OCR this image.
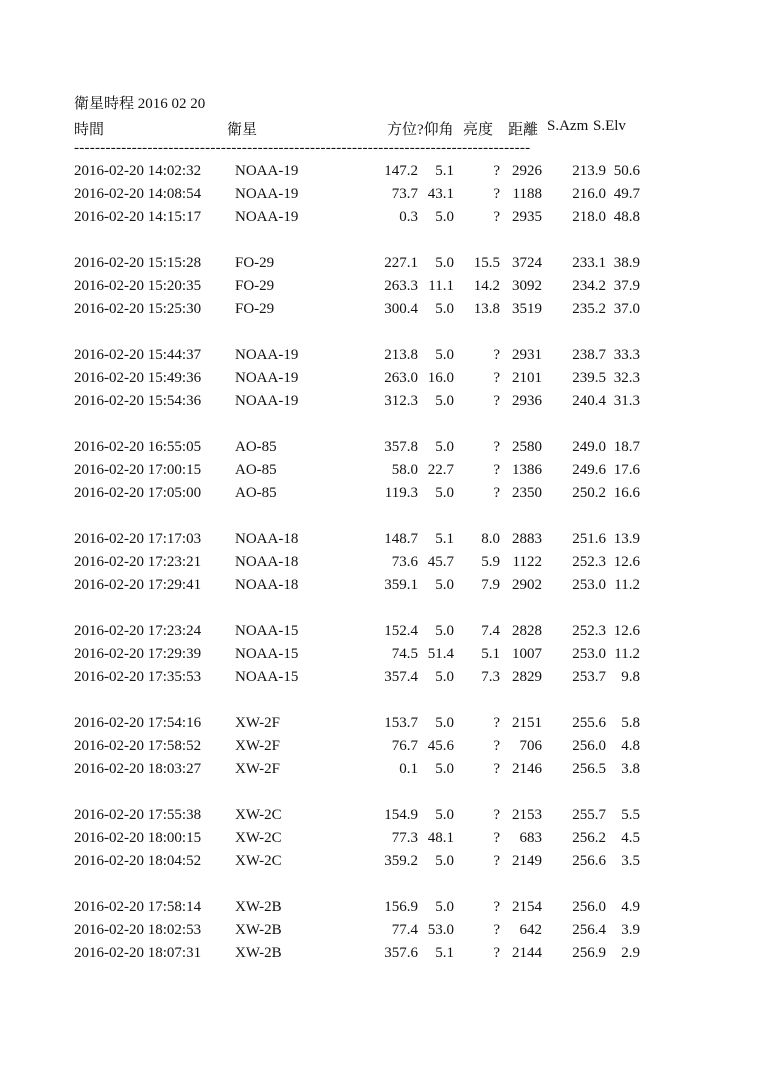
衛星時程 2016 02 20
時間	衛星	方位?仰角 亮度 距離 S.Azm S.Elv
---------------------------------------------------------------------------------------
2016-02-20 14:02:32 NOAA-19	147.2	5.1	? 2926	213.9 50.6
2016-02-20 14:08:54 NOAA-19	73.7 43.1	? 1188	216.0 49.7
2016-02-20 14:15:17 NOAA-19	0.3	5.0	? 2935	218.0 48.8
2016-02-20 15:15:28 FO-29	227.1	5.0	15.5 3724	233.1 38.9
2016-02-20 15:20:35 FO-29	263.3 11.1	14.2 3092	234.2 37.9
2016-02-20 15:25:30 FO-29	300.4	5.0	13.8 3519	235.2 37.0
2016-02-20 15:44:37 NOAA-19	213.8	5.0	? 2931	238.7 33.3
2016-02-20 15:49:36 NOAA-19	263.0 16.0	? 2101	239.5 32.3
2016-02-20 15:54:36 NOAA-19	312.3	5.0	? 2936	240.4 31.3
2016-02-20 16:55:05 AO-85	357.8	5.0	? 2580	249.0 18.7
2016-02-20 17:00:15 AO-85	58.0 22.7	? 1386	249.6 17.6
2016-02-20 17:05:00 AO-85	119.3	5.0	? 2350	250.2 16.6
2016-02-20 17:17:03 NOAA-18	148.7	5.1	8.0 2883	251.6 13.9
2016-02-20 17:23:21 NOAA-18	73.6 45.7	5.9 1122	252.3 12.6
2016-02-20 17:29:41 NOAA-18	359.1	5.0	7.9 2902	253.0 11.2
2016-02-20 17:23:24 NOAA-15	152.4	5.0	7.4 2828	252.3 12.6
2016-02-20 17:29:39 NOAA-15	74.5 51.4	5.1 1007	253.0 11.2
2016-02-20 17:35:53 NOAA-15	357.4	5.0	7.3 2829	253.7	9.8
2016-02-20 17:54:16 XW-2F	153.7	5.0	? 2151	255.6	5.8
2016-02-20 17:58:52 XW-2F	76.7 45.6	?	706	256.0	4.8
2016-02-20 18:03:27 XW-2F	0.1	5.0	? 2146	256.5	3.8
2016-02-20 17:55:38 XW-2C	154.9	5.0	? 2153	255.7	5.5
2016-02-20 18:00:15 XW-2C	77.3 48.1	?	683	256.2	4.5
2016-02-20 18:04:52 XW-2C	359.2	5.0	? 2149	256.6	3.5
2016-02-20 17:58:14 XW-2B	156.9	5.0	? 2154	256.0	4.9
2016-02-20 18:02:53 XW-2B	77.4 53.0	?	642	256.4	3.9
2016-02-20 18:07:31 XW-2B	357.6	5.1	? 2144	256.9	2.9
